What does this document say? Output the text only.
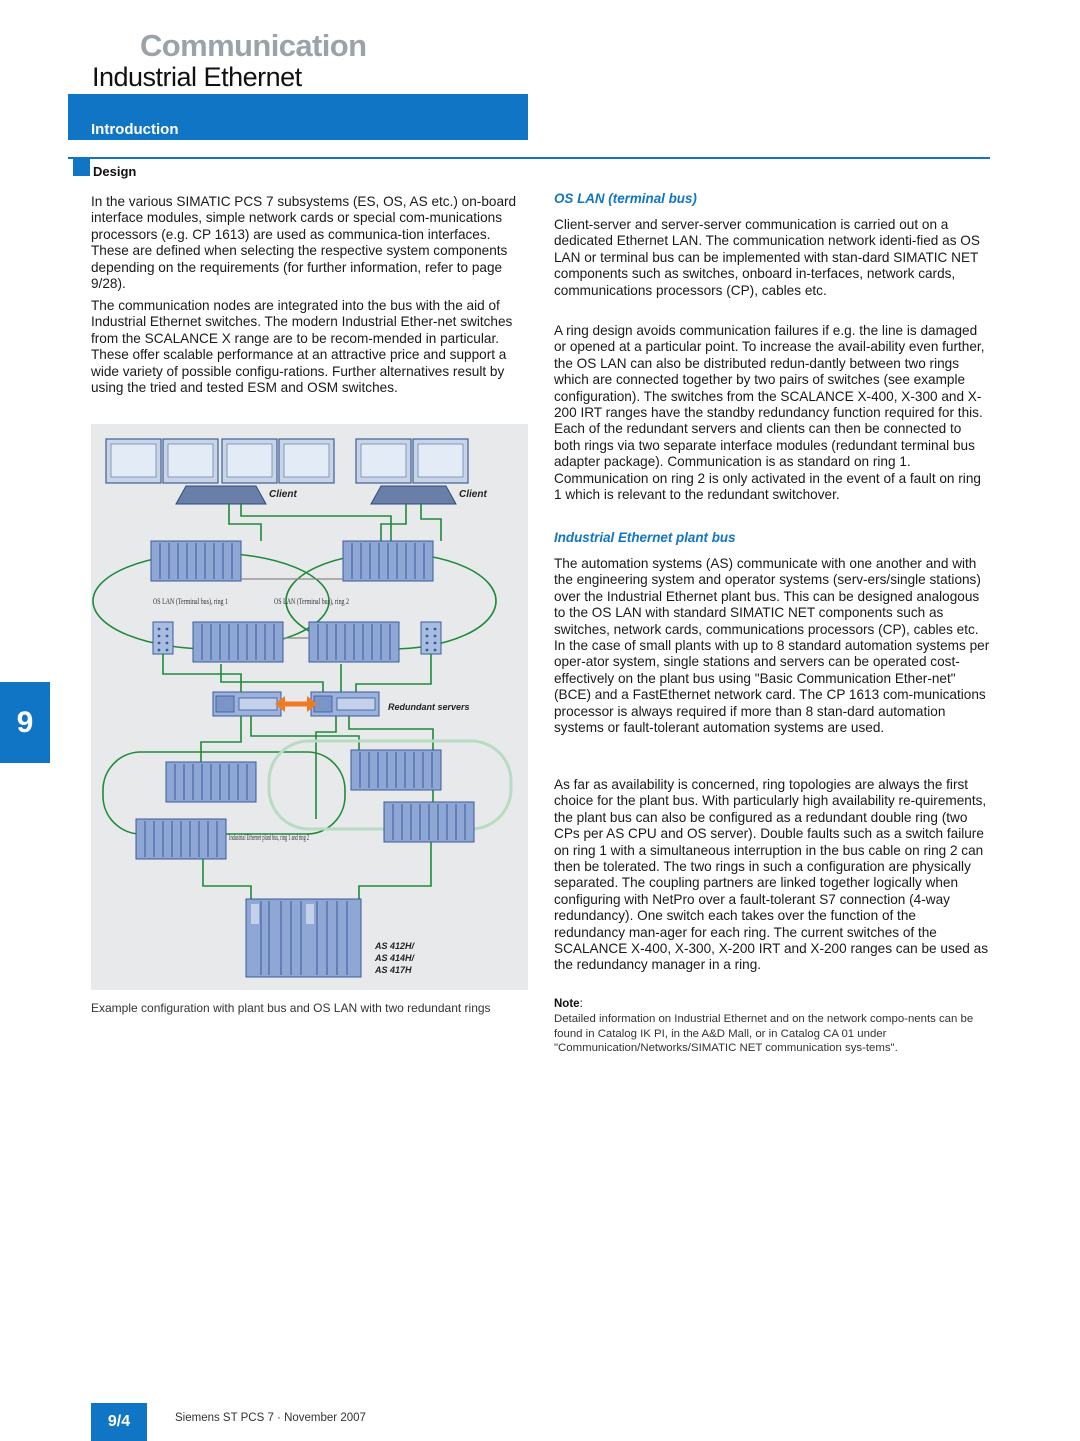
Communication
Industrial Ethernet
Introduction
Design

In the various SIMATIC PCS 7 subsystems (ES, OS, AS etc.) on-board interface modules, simple network cards or special com-munications processors (e.g. CP 1613) are used as communica-tion interfaces. These are defined when selecting the respective system components depending on the requirements (for further information, refer to page 9/28).

The communication nodes are integrated into the bus with the aid of Industrial Ethernet switches. The modern Industrial Ether-net switches from the SCALANCE X range are to be recom-mended in particular. These offer scalable performance at an attractive price and support a wide variety of possible configu-rations. Further alternatives result by using the tried and tested ESM and OSM switches.

Client	Client
OS LAN (Terminal bus), ring 1	OS LAN (Terminal bus), ring 2
Redundant servers
Industrial Ethernet plant bus, ring 1 and ring 2
AS 412H/
AS 414H/
AS 417H
Example configuration with plant bus and OS LAN with two redundant rings
OS LAN (terminal bus)

Client-server and server-server communication is carried out on a dedicated Ethernet LAN. The communication network identi-fied as OS LAN or terminal bus can be implemented with stan-dard SIMATIC NET components such as switches, onboard in-terfaces, network cards, communications processors (CP), cables etc.

A ring design avoids communication failures if e.g. the line is damaged or opened at a particular point. To increase the avail-ability even further, the OS LAN can also be distributed redun-dantly between two rings which are connected together by two pairs of switches (see example configuration). The switches from the SCALANCE X-400, X-300 and X-200 IRT ranges have the standby redundancy function required for this. Each of the redundant servers and clients can then be connected to both rings via two separate interface modules (redundant terminal bus adapter package). Communication is as standard on ring 1. Communication on ring 2 is only activated in the event of a fault on ring 1 which is relevant to the redundant switchover.

Industrial Ethernet plant bus

The automation systems (AS) communicate with one another and with the engineering system and operator systems (serv-ers/single stations) over the Industrial Ethernet plant bus. This can be designed analogous to the OS LAN with standard SIMATIC NET components such as switches, network cards, communications processors (CP), cables etc. In the case of small plants with up to 8 standard automation systems per oper-ator system, single stations and servers can be operated cost-effectively on the plant bus using "Basic Communication Ether-net" (BCE) and a FastEthernet network card. The CP 1613 com-munications processor is always required if more than 8 stan-dard automation systems or fault-tolerant automation systems are used.

As far as availability is concerned, ring topologies are always the first choice for the plant bus. With particularly high availability re-quirements, the plant bus can also be configured as a redundant double ring (two CPs per AS CPU and OS server). Double faults such as a switch failure on ring 1 with a simultaneous interruption in the bus cable on ring 2 can then be tolerated. The two rings in such a configuration are physically separated. The coupling partners are linked together logically when configuring with NetPro over a fault-tolerant S7 connection (4-way redundancy). One switch each takes over the function of the redundancy man-ager for each ring. The current switches of the SCALANCE X-400, X-300, X-200 IRT and X-200 ranges can be used as the redundancy manager in a ring.

Note:
Detailed information on Industrial Ethernet and on the network compo-nents can be found in Catalog IK PI, in the A&D Mall, or in Catalog CA 01 under "Communication/Networks/SIMATIC NET communication sys-tems".
9
9/4	Siemens ST PCS 7 · November 2007
